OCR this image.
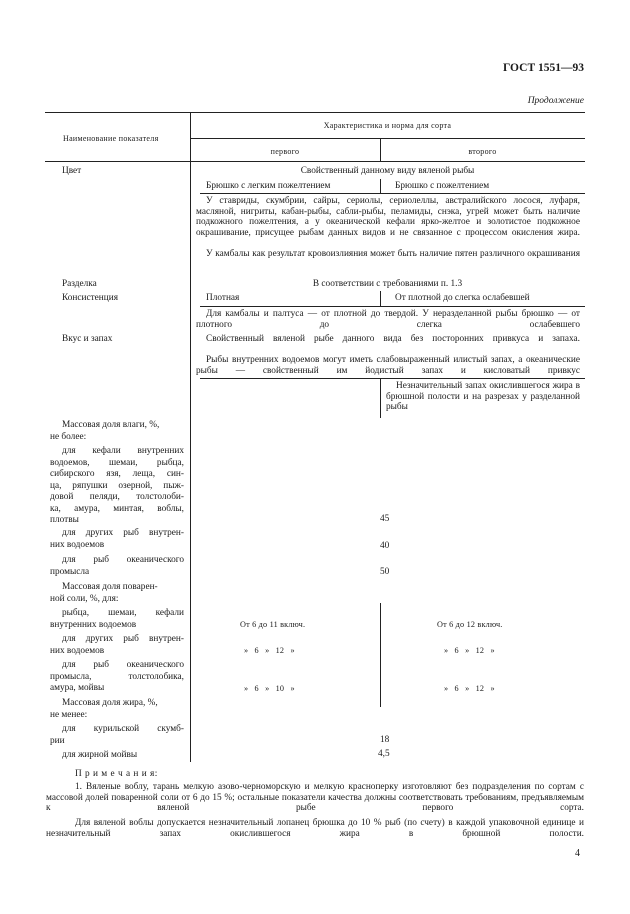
ГОСТ 1551—93
Продолжение
Наименование показателя
Характеристика и норма для сорта
первого	второго
Цвет	Свойственный данному виду вяленой рыбы
Брюшко с легким пожелтением	Брюшко с пожелтением
У ставриды, скумбрии, сайры, сериолы, сериолеллы, австралийского лосося, луфаря, масляной, нигриты, кабан-рыбы, сабли-рыбы, пеламиды, снэка, угрей может быть наличие подкожного пожелтения, а у океанической кефали ярко-желтое и золотистое подкожное окрашивание, присущее рыбам данных видов и не связанное с процессом окисления жира.
У камбалы как результат кровоизлияния может быть наличие пятен различного окрашивания
Разделка	В соответствии с требованиями п. 1.3
Консистенция	Плотная	От плотной до слегка ослабевшей
Для камбалы и палтуса — от плотной до твердой. У неразделанной рыбы брюшко — от плотного до слегка ослабевшего
Вкус и запах	Свойственный вяленой рыбе данного вида без посторонних привкуса и запаха.
Рыбы внутренних водоемов могут иметь слабовыраженный илистый запах, а океанические рыбы — свойственный им йодистый запах и кисловатый привкус
Незначительный запах окислившегося жира в брюшной полости и на разрезах у разделанной рыбы
Массовая доля влаги, %,
не более:
для кефали внутренних
водоемов, шемаи, рыбца,
сибирского язя, леща, син-
ца, ряпушки озерной, пыж-
довой пеляди, толстолоби-
ка, амура, минтая, воблы,
плотвы	45
для других рыб внутрен-
них водоемов	40
для рыб океанического
промысла	50
Массовая доля поварен-
ной соли, %, для:
рыбца, шемаи, кефали
внутренних водоемов	От 6 до 11 включ.	От 6 до 12 включ.
для других рыб внутрен-
них водоемов	» 6 » 12 »	» 6 » 12 »
для рыб океанического
промысла, толстолобика,
амура, мойвы	» 6 » 10 »	» 6 » 12 »
Массовая доля жира, %,
не менее:
для курильской скумб-
рии	18
для жирной мойвы	4,5
П р и м е ч а н и я:
1. Вяленые воблу, тарань мелкую азово-черноморскую и мелкую красноперку изготовляют без подразделения по сортам с массовой долей поваренной соли от 6 до 15 %; остальные показатели качества должны соответствовать требованиям, предъявляемым к вяленой рыбе первого сорта.
Для вяленой воблы допускается незначительный лопанец брюшка до 10 % рыб (по счету) в каждой упаковочной единице и незначительный запах окислившегося жира в брюшной полости.
4
